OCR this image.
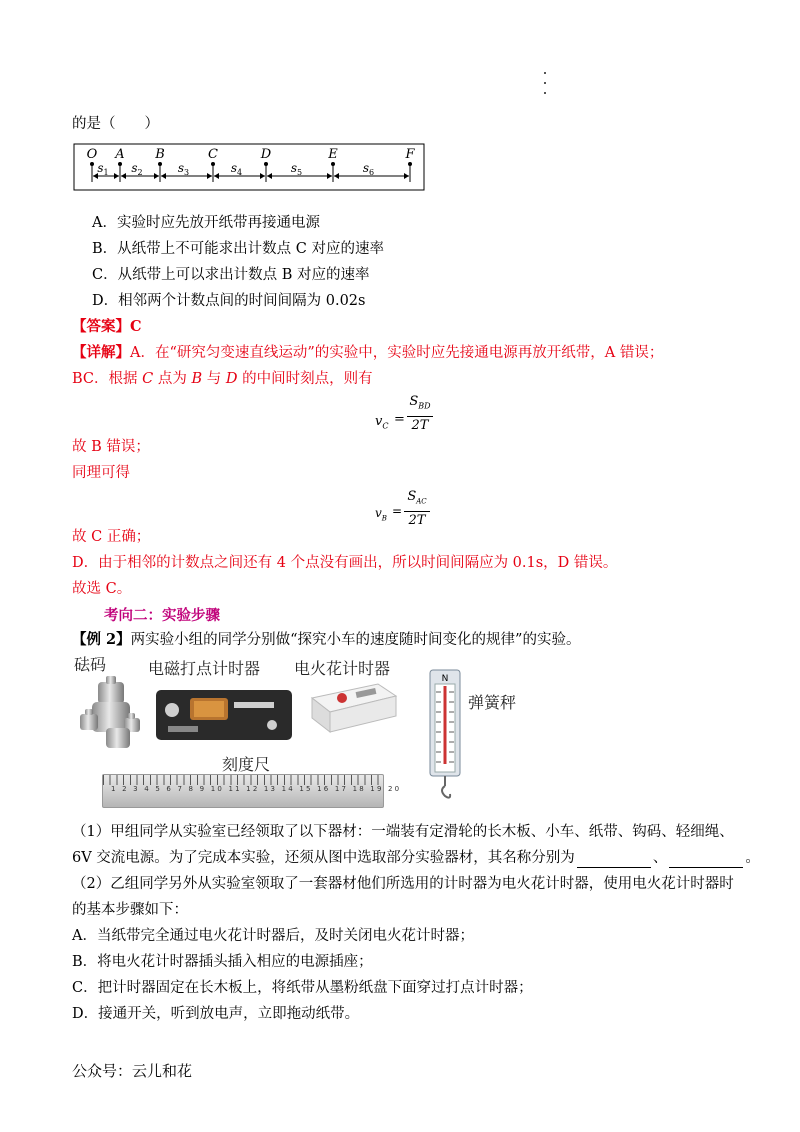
的是（　　）
O A B	C	D	E	F
$s_1$ $s_2$	$s_3$	$s_4$	$s_5$	$s_6$
A．实验时应先放开纸带再接通电源
B．从纸带上不可能求出计数点 C 对应的速率
C．从纸带上可以求出计数点 B 对应的速率
D．相邻两个计数点间的时间间隔为 0.02s
【答案】C
【详解】A．在“研究匀变速直线运动”的实验中，实验时应先接通电源再放开纸带，A 错误；
BC．根据 C 点为 B 与 D 的中间时刻点，则有
$v_C$ =
$S_{BD}$
2T
故 B 错误；
同理可得
$v_B$
=
$S_{AC}$
2T
故 C 正确；
D．由于相邻的计数点之间还有 4 个点没有画出，所以时间间隔应为 0.1s，D 错误。
故选 C。
考向二：实验步骤
【例 2】两实验小组的同学分别做“探究小车的速度随时间变化的规律”的实验。
砝码	电磁打点计时器 电火花计时器
N
弹簧秤
刻度尺
1 2 3 4 5 6 7 8 9 10 11 12 13 14 15 16 17 18 19 20
（1）甲组同学从实验室已经领取了以下器材：一端装有定滑轮的长木板、小车、纸带、钩码、轻细绳、
6V 交流电源。为了完成本实验，还须从图中选取部分实验器材，其名称分别为	、	。
（2）乙组同学另外从实验室领取了一套器材他们所选用的计时器为电火花计时器，使用电火花计时器时
的基本步骤如下：
A．当纸带完全通过电火花计时器后，及时关闭电火花计时器；
B．将电火花计时器插头插入相应的电源插座；
C．把计时器固定在长木板上，将纸带从墨粉纸盘下面穿过打点计时器；
D．接通开关，听到放电声，立即拖动纸带。
公众号：云儿和花
